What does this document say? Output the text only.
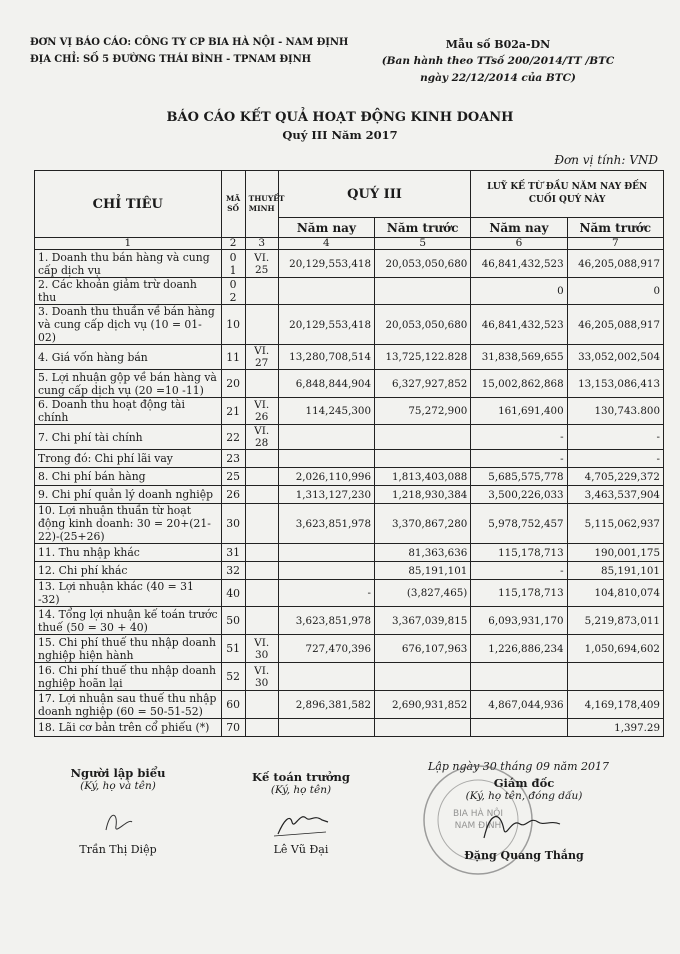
ĐƠN VỊ BÁO CÁO: CÔNG TY CP BIA HÀ NỘI - NAM ĐỊNH
ĐỊA CHỈ: SỐ 5 ĐƯỜNG THÁI BÌNH - TPNAM ĐỊNH
Mẫu số B02a-DN
(Ban hành theo TTsố 200/2014/TT /BTC
ngày 22/12/2014 của BTC)
BÁO CÁO KẾT QUẢ HOẠT ĐỘNG KINH DOANH
Quý III Năm 2017
Đơn vị tính: VND
CHỈ TIÊU	MÃ SỐ	THUYẾT MINH	QUÝ III		LUỸ KẾ TỪ ĐẦU NĂM NAY ĐẾN CUỐI QUÝ NÀY	
			Năm nay	Năm trước	Năm nay	Năm trước
1	2	3	4	5	6	7
1. Doanh thu bán hàng và cung cấp dịch vụ	0 1	VI. 25	20,129,553,418	20,053,050,680	46,841,432,523	46,205,088,917
2. Các khoản giảm trừ doanh thu	0 2				0	0
3. Doanh thu thuần về bán hàng và cung cấp dịch vụ (10 = 01- 02)	10		20,129,553,418	20,053,050,680	46,841,432,523	46,205,088,917
4. Giá vốn hàng bán	11	VI. 27	13,280,708,514	13,725,122.828	31,838,569,655	33,052,002,504
5. Lợi nhuận gộp về bán hàng và cung cấp dịch vụ (20 =10 -11)	20		6,848,844,904	6,327,927,852	15,002,862,868	13,153,086,413
6. Doanh thu hoạt động tài chính	21	VI. 26	114,245,300	75,272,900	161,691,400	130,743.800
7. Chi phí tài chính	22	VI. 28			-	-
Trong đó: Chi phí lãi vay	23				-	-
8. Chi phí bán hàng	25		2,026,110,996	1,813,403,088	5,685,575,778	4,705,229,372
9. Chi phí quản lý doanh nghiệp	26		1,313,127,230	1,218,930,384	3,500,226,033	3,463,537,904
10. Lợi nhuận thuần từ hoạt động kinh doanh: 30 = 20+(21-22)-(25+26)	30		3,623,851,978	3,370,867,280	5,978,752,457	5,115,062,937
11. Thu nhập khác	31			81,363,636	115,178,713	190,001,175
12. Chi phí khác	32			85,191,101	-	85,191,101
13. Lợi nhuận khác (40 = 31 -32)	40		-	(3,827,465)	115,178,713	104,810,074
14. Tổng lợi nhuận kế toán trước thuế (50 = 30 + 40)	50		3,623,851,978	3,367,039,815	6,093,931,170	5,219,873,011
15. Chi phí thuế thu nhập doanh nghiệp hiện hành	51	VI. 30	727,470,396	676,107,963	1,226,886,234	1,050,694,602
16. Chi phí thuế thu nhập doanh nghiệp hoãn lại	52	VI. 30				
17. Lợi nhuận sau thuế thu nhập doanh nghiệp (60 = 50-51-52)	60		2,896,381,582	2,690,931,852	4,867,044,936	4,169,178,409
18. Lãi cơ bản trên cổ phiếu (*)	70					1,397.29
Người lập biểu
(Ký, họ và tên)
Trần Thị Diệp
Kế toán trưởng
(Ký, họ tên)
Lê Vũ Đại
Lập ngày 30 tháng 09 năm 2017
BIA HÀ NỘI
NAM ĐỊNH
Giám đốc
(Ký, họ tên, đóng dấu)
Đặng Quang Thắng
